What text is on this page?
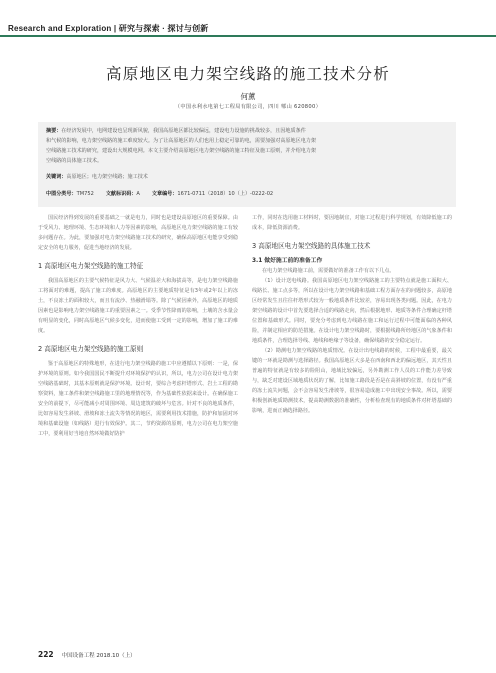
Research and Exploration | 研究与探索 · 探讨与创新
高原地区电力架空线路的施工技术分析
何薰
（中国水利水电第七工程局有限公司，四川 郫山 620800）
摘要：在经济发展中，电网建设也呈现新风貌，我国高原地区都比较偏远，建设电力设施的挑战较多，且因地质条件
和气候的影响，电力架空线路的施工难度较大。为了让高原地区的人们也用上稳定可靠的电，需要加强对高原地区电力架
空线路施工技术的研究，建设出大规模电网。本文主要介绍高原地区电力架空线路的施工特征及施工原则，并介绍电力架
空线路的具体施工技术。
关键词：高原地区；电力架空线路；施工技术
中图分类号：TM752 文献标识码：A 文章编号：1671-0711（2018）10（上）-0222-02

国民经济得到发展的重要基础之一就是电力，同时也是建设高原地区的重要保障。由于受风力、地理环境、生态环境和人力等因素的影响，高原地区电力架空线路的施工有较多问题存在。为此，要加强对电力架空线路施工技术的研究，确保高原地区电能享受到稳定安全的电力服务，促进当地经济的发展。

1 高原地区电力架空线路的施工特征

我国高原地区的主要气候特征是风力大、气候温差大和海拔高等，是电力架空线路施工将面对的难题，提高了施工的难度。高原地区的主要地质特征是有3年或2年以上的冻土，不良冻土的面积较大，而且有流沙、热融滑塌等。除了气候因素外，高原地区的地质因素也是影响电力架空线路施工的重要因素之一。受季节性降雨的影响，土壤的含水量会有明显的变化，同时高原地区气候多变化，进而使施工受到一定的影响，增加了施工的难度。

2 高原地区电力架空线路的施工原则

鉴于高原地区的特殊地形，在进行电力架空线路的施工中应遵循以下原则：一是，保护环境的原则。如今我国国民不断提升对环境保护的认识，所以，电力公司在设计电力架空线路基础时，其基本原则就是保护环境。设计时，要综合考虑杆塔形式、岩土工程的勘察资料，施工条件和架空线路施工里的地理情况等，作为基础性依据来设计。在确保施工安全的前提下，尽可能减小对周围环境、周边建筑的破坏与危害。针对不良的地质条件，比如容易发生斜坡、滑坡和冻土流失等情况的地区，需要利用技术措施，防护和加固对环境和基础设施（如线路）进行有效保护。其二，节约资源的原则，电力公司在电力架空施工中，要利用好当地自然环境做好防护

工作，同时在选用施工材料时，要因地制宜，对施工过程进行科学规划，有效降低施工的成本，降低资源消费。

3 高原地区电力架空线路的具体施工技术
3.1 做好施工前的准备工作

在电力架空线路施工前，需要做好的准备工作有以下几点。

（1）设计送电线路。我国高原地区电力架空线路施工的主要特点就是施工面积大、线路长、施工点多等，所以在设计电力架空线路和基础工程方面存在的问题较多，高原地区经常发生且往往杆塔形式较为一般地质条件比较差，容易出现各类问题。因此，在电力架空线路的设计中首先要选择合适的线路走向，然后根据地形、地质等条件合理确定杆塔位置和基础形式。同时，要充分考虑到电力线路在施工和运行过程中可能面临的各种风险，并制定相应的防范措施。在设计电力架空线路时，要根据线路所经地区的气象条件和地质条件，合理选择导线、地线和绝缘子等设备，确保线路的安全稳定运行。

（2）勘测电力架空线路的地质情况。在设计出电线路的时候，工程中最重要，最关键的一环就是勘测与选择路径。我国高原地区大多是在西南和西北的偏远地区，其天性且普遍的特征就是有较多的险阻山，地域比较偏远，另外勘测工作人员的工作能力差导致与，缺乏对建设区域地质状况的了解，比如施工路段是否是在高斜坡的位置，有没有严重的冻土流失问题，会不会容易发生滑坡等，很容易造成施工中出现安全事故。所以，需要积极创新地质勘测技术，提高勘测数据的准确性，分析检查现有的地质条件对杆塔基础的影响，进而正确选择路径。

222 中国设备工程 2018.10（上）
